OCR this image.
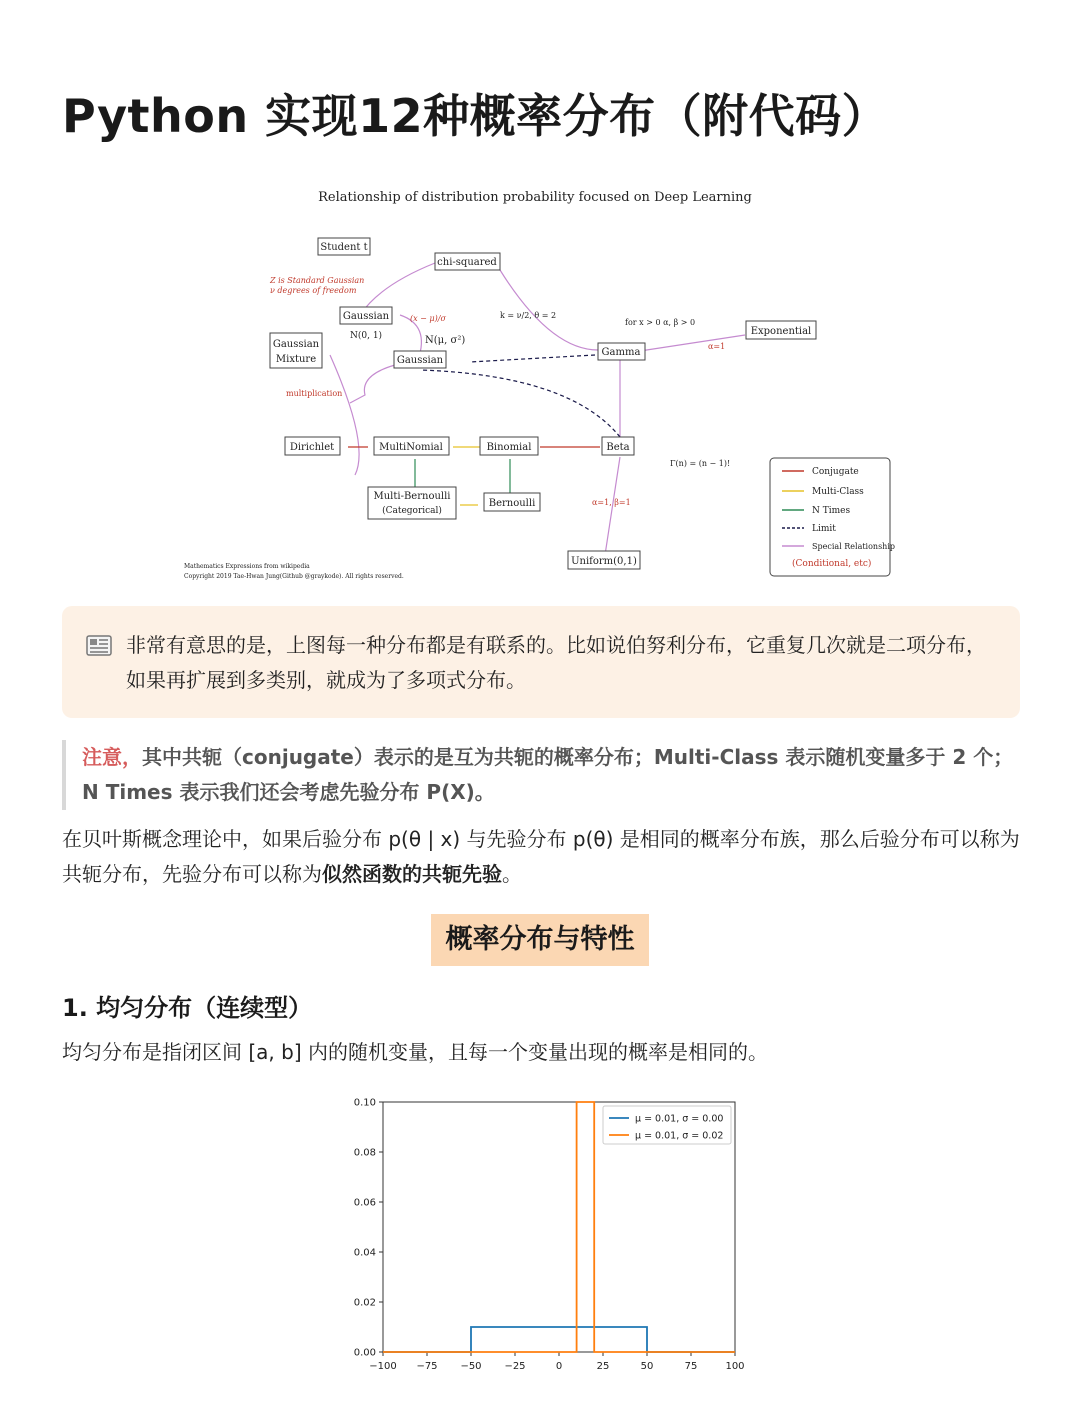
Python 实现12种概率分布（附代码）
Relationship of distribution probability focused on Deep Learning
Student t
chi-squared
Gaussian
Gaussian
Mixture	Gaussian
Gamma
Exponential
Dirichlet	MultiNomial	Binomial	Beta
Multi-Bernoulli
(Categorical)
Bernoulli
Uniform(0,1)
Z is Standard Gaussian
ν degrees of freedom
N(0, 1)	N(μ, σ²)
(x − μ)/σ
multiplication
k = ν/2, θ = 2
α=1
α=1, β=1
for x > 0 α, β > 0
Γ(n) = (n − 1)!
Mathematics Expressions from wikipedia
Copyright 2019 Tae-Hwan Jung(Github @graykode). All rights reserved.
Conjugate
Multi-Class
N Times
Limit
Special Relationship
(Conditional, etc)
非常有意思的是，上图每一种分布都是有联系的。比如说伯努利分布，它重复几次就是二项分布，如果再扩展到多类别，就成为了多项式分布。
注意，其中共轭（conjugate）表示的是互为共轭的概率分布；Multi-Class 表示随机变量多于 2 个；N Times 表示我们还会考虑先验分布 P(X)。
在贝叶斯概念理论中，如果后验分布 p(θ | x) 与先验分布 p(θ) 是相同的概率分布族，那么后验分布可以称为共轭分布，先验分布可以称为似然函数的共轭先验。
概率分布与特性
1. 均匀分布（连续型）
均匀分布是指闭区间 [a, b] 内的随机变量，且每一个变量出现的概率是相同的。
−100 −75 −50 −25	0	25	50	75	100
0.00
0.02
0.04
0.06
0.08
0.10
μ = 0.01, σ = 0.00
μ = 0.01, σ = 0.02
